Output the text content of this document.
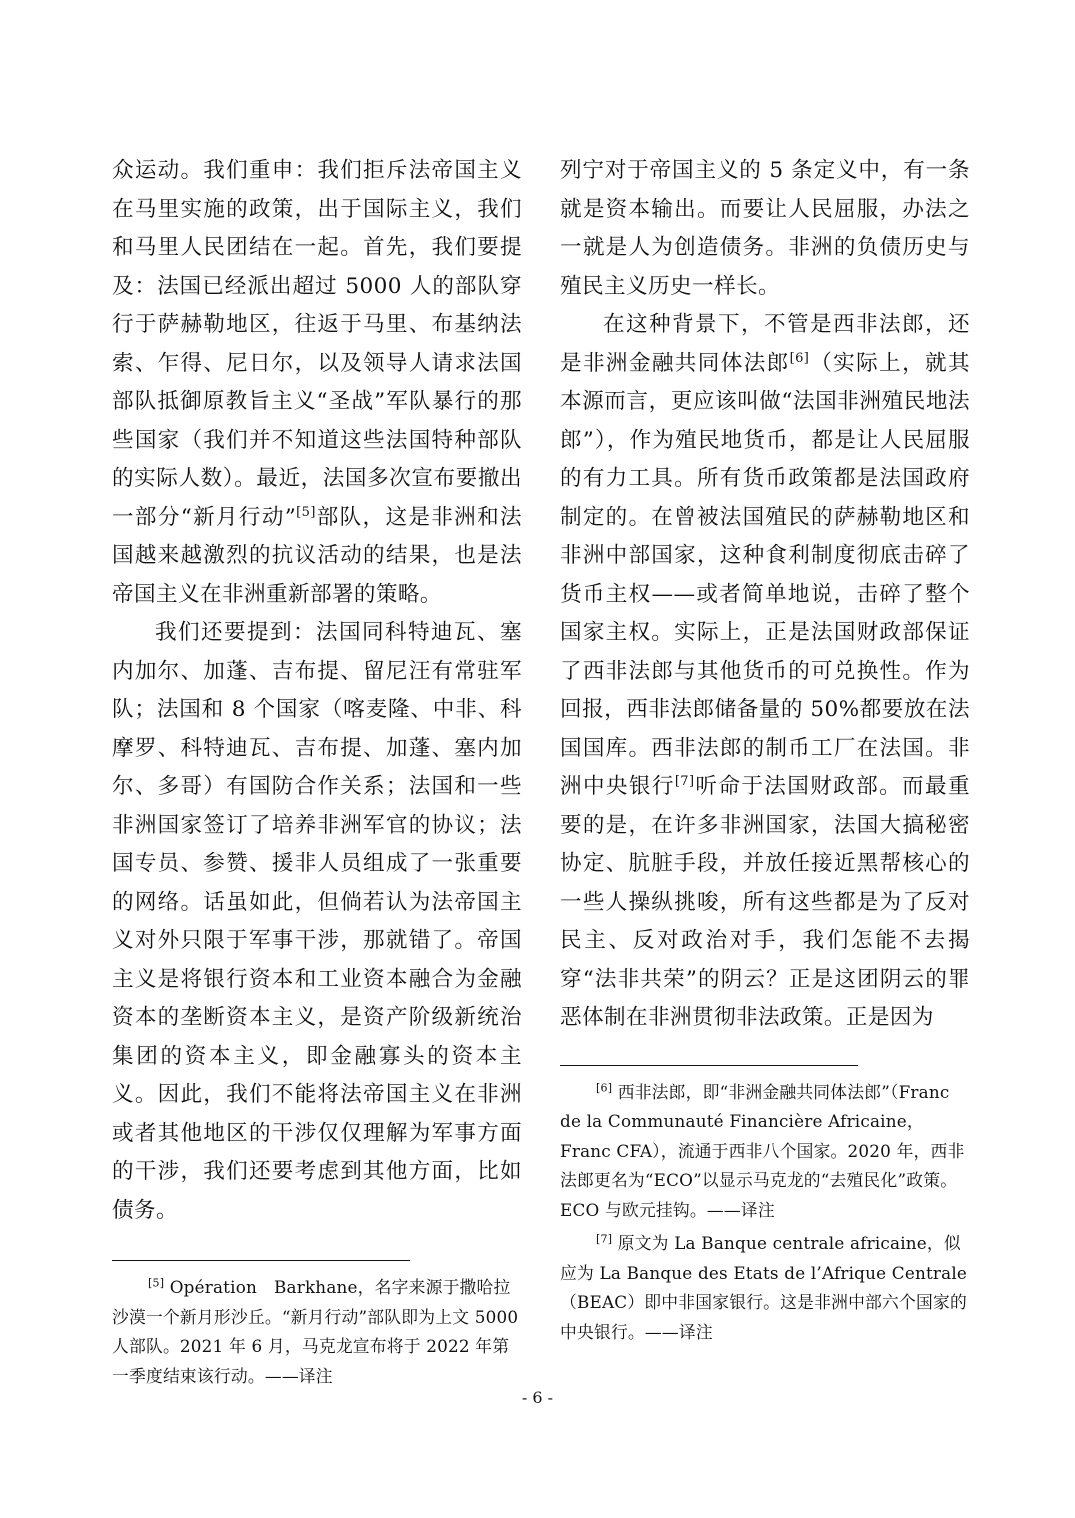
众运动。我们重申：我们拒斥法帝国主义在马里实施的政策，出于国际主义，我们和马里人民团结在一起。首先，我们要提及：法国已经派出超过 5000 人的部队穿行于萨赫勒地区，往返于马里、布基纳法索、乍得、尼日尔，以及领导人请求法国部队抵御原教旨主义“圣战”军队暴行的那些国家（我们并不知道这些法国特种部队的实际人数）。最近，法国多次宣布要撤出一部分“新月行动”[5]部队，这是非洲和法国越来越激烈的抗议活动的结果，也是法帝国主义在非洲重新部署的策略。

我们还要提到：法国同科特迪瓦、塞内加尔、加蓬、吉布提、留尼汪有常驻军队；法国和 8 个国家（喀麦隆、中非、科摩罗、科特迪瓦、吉布提、加蓬、塞内加尔、多哥）有国防合作关系；法国和一些非洲国家签订了培养非洲军官的协议；法国专员、参赞、援非人员组成了一张重要的网络。话虽如此，但倘若认为法帝国主义对外只限于军事干涉，那就错了。帝国主义是将银行资本和工业资本融合为金融资本的垄断资本主义，是资产阶级新统治集团的资本主义，即金融寡头的资本主义。因此，我们不能将法帝国主义在非洲或者其他地区的干涉仅仅理解为军事方面的干涉，我们还要考虑到其他方面，比如债务。

[5] Opération　Barkhane，名字来源于撒哈拉沙漠一个新月形沙丘。“新月行动”部队即为上文 5000 人部队。2021 年 6 月，马克龙宣布将于 2022 年第一季度结束该行动。——译注

列宁对于帝国主义的 5 条定义中，有一条就是资本输出。而要让人民屈服，办法之一就是人为创造债务。非洲的负债历史与殖民主义历史一样长。

在这种背景下，不管是西非法郎，还是非洲金融共同体法郎[6]（实际上，就其本源而言，更应该叫做“法国非洲殖民地法郎”），作为殖民地货币，都是让人民屈服的有力工具。所有货币政策都是法国政府制定的。在曾被法国殖民的萨赫勒地区和非洲中部国家，这种食利制度彻底击碎了货币主权——或者简单地说，击碎了整个国家主权。实际上，正是法国财政部保证了西非法郎与其他货币的可兑换性。作为回报，西非法郎储备量的 50%都要放在法国国库。西非法郎的制币工厂在法国。非洲中央银行[7]听命于法国财政部。而最重要的是，在许多非洲国家，法国大搞秘密协定、肮脏手段，并放任接近黑帮核心的一些人操纵挑唆，所有这些都是为了反对民主、反对政治对手，我们怎能不去揭穿“法非共荣”的阴云？正是这团阴云的罪恶体制在非洲贯彻非法政策。正是因为

[6] 西非法郎，即“非洲金融共同体法郎”（Franc de la Communauté Financière Africaine，Franc CFA），流通于西非八个国家。2020 年，西非法郎更名为“ECO”以显示马克龙的“去殖民化”政策。ECO 与欧元挂钩。——译注

[7] 原文为 La Banque centrale africaine，似应为 La Banque des Etats de l’Afrique Centrale（BEAC）即中非国家银行。这是非洲中部六个国家的中央银行。——译注

- 6 -
